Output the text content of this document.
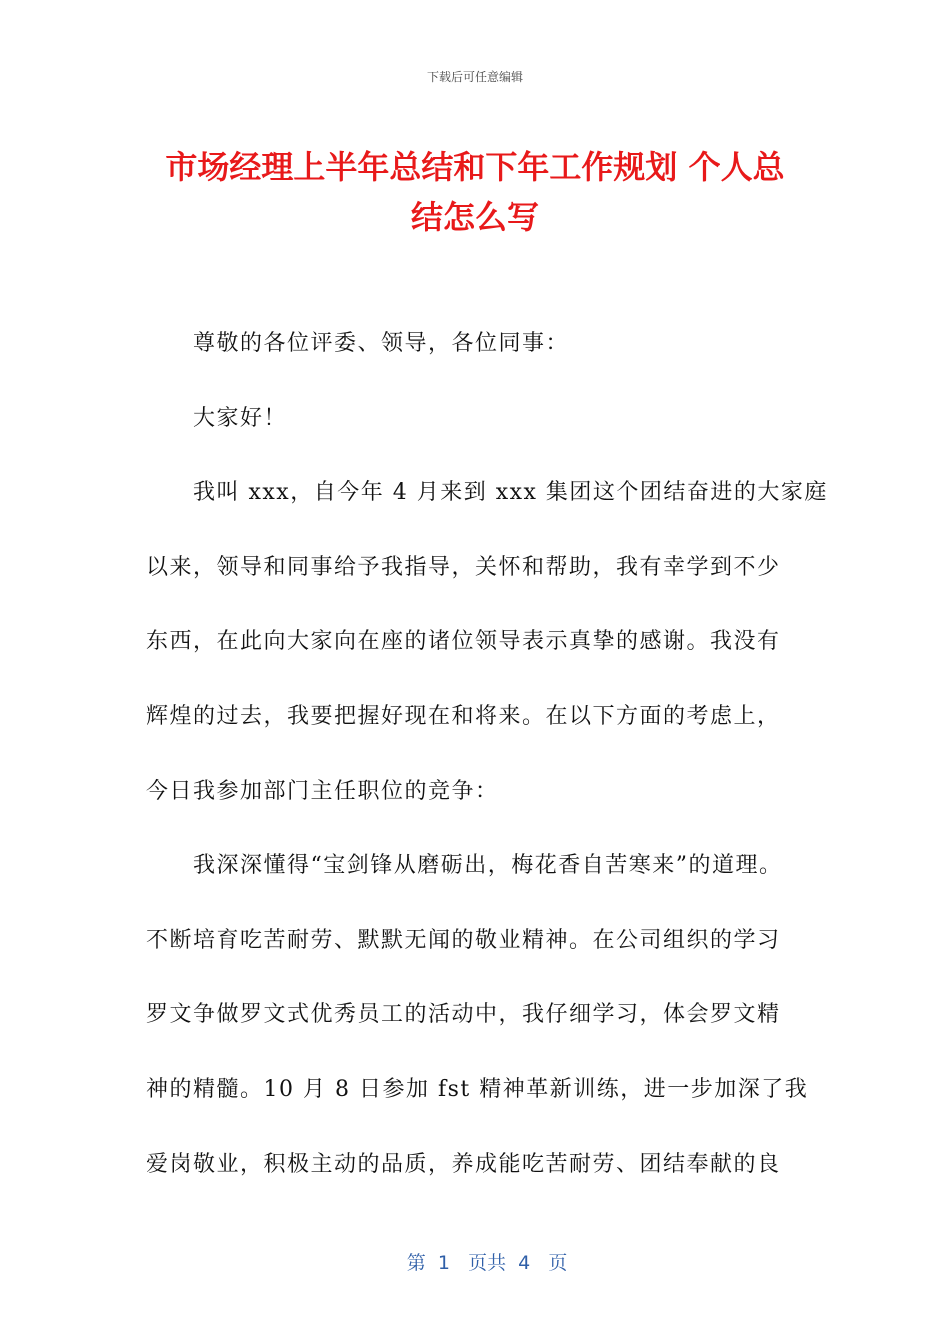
下载后可任意编辑
市场经理上半年总结和下年工作规划 个人总
结怎么写
尊敬的各位评委、领导，各位同事：
大家好！
我叫 xxx，自今年 4 月来到 xxx 集团这个团结奋进的大家庭
以来，领导和同事给予我指导，关怀和帮助，我有幸学到不少
东西，在此向大家向在座的诸位领导表示真挚的感谢。我没有
辉煌的过去，我要把握好现在和将来。在以下方面的考虑上，
今日我参加部门主任职位的竞争：
我深深懂得“宝剑锋从磨砺出，梅花香自苦寒来”的道理。
不断培育吃苦耐劳、默默无闻的敬业精神。在公司组织的学习
罗文争做罗文式优秀员工的活动中，我仔细学习，体会罗文精
神的精髓。10 月 8 日参加 fst 精神革新训练，进一步加深了我
爱岗敬业，积极主动的品质，养成能吃苦耐劳、团结奉献的良

第  1   页共  4   页
